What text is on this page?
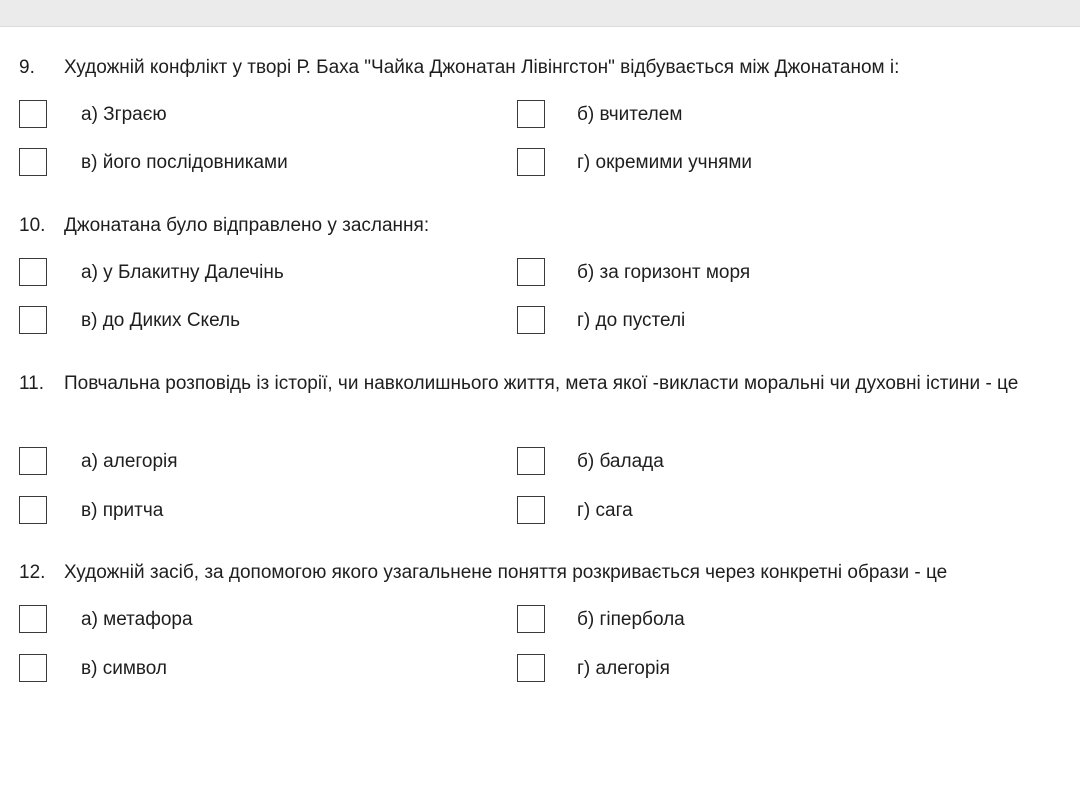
9. Художній конфлікт у творі Р. Баха "Чайка Джонатан Лівінгстон" відбувається між Джонатаном і:
а) Зграєю	б) вчителем
в) його послідовниками	г) окремими учнями
10. Джонатана було відправлено у заслання:
а) у Блакитну Далечінь	б) за горизонт моря
в) до Диких Скель	г) до пустелі
11. Повчальна розповідь із історії, чи навколишнього життя, мета якої -викласти моральні чи духовні істини - це
а) алегорія	б) балада
в) притча	г) сага
12. Художній засіб, за допомогою якого узагальнене поняття розкривається через конкретні образи - це
а) метафора	б) гіпербола
в) символ	г) алегорія
